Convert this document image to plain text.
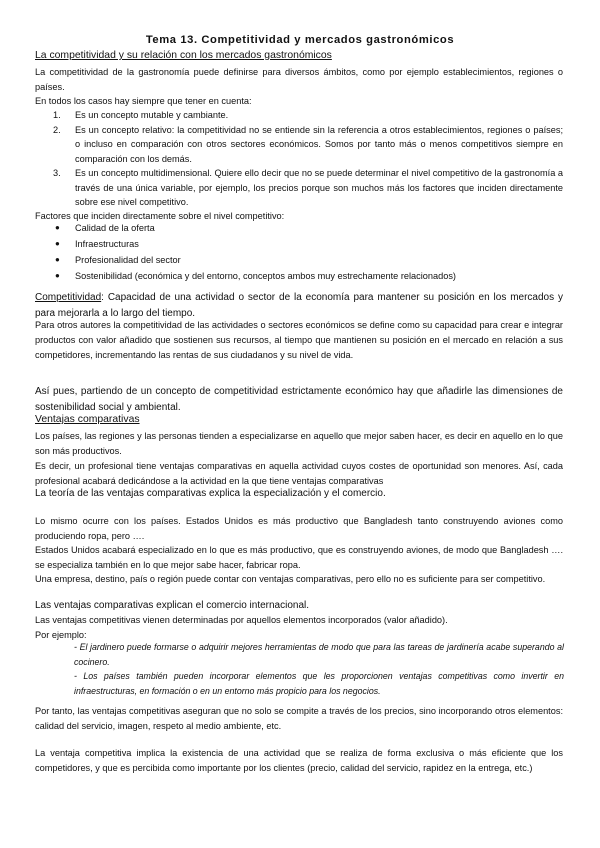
Tema 13. Competitividad y mercados gastronómicos
La competitividad y su relación con los mercados gastronómicos

La competitividad de la gastronomía puede definirse para diversos ámbitos, como por ejemplo establecimientos, regiones o países.

En todos los casos hay siempre que tener en cuenta:

1. Es un concepto mutable y cambiante.
2. Es un concepto relativo: la competitividad no se entiende sin la referencia a otros establecimientos, regiones o países; o incluso en comparación con otros sectores económicos. Somos por tanto más o menos competitivos siempre en comparación con los demás.
3. Es un concepto multidimensional. Quiere ello decir que no se puede determinar el nivel competitivo de la gastronomía a través de una única variable, por ejemplo, los precios porque son muchos más los factores que inciden directamente sobre ese nivel competitivo.

Factores que inciden directamente sobre el nivel competitivo:

● Calidad de la oferta
● Infraestructuras
● Profesionalidad del sector
● Sostenibilidad (económica y del entorno, conceptos ambos muy estrechamente relacionados)

Competitividad: Capacidad de una actividad o sector de la economía para mantener su posición en los mercados y para mejorarla a lo largo del tiempo.

Para otros autores la competitividad de las actividades o sectores económicos se define como su capacidad para crear e integrar productos con valor añadido que sostienen sus recursos, al tiempo que mantienen su posición en el mercado en relación a sus competidores, incrementando las rentas de sus ciudadanos y su nivel de vida.

Así pues, partiendo de un concepto de competitividad estrictamente económico hay que añadirle las dimensiones de sostenibilidad social y ambiental.

Ventajas comparativas

Los países, las regiones y las personas tienden a especializarse en aquello que mejor saben hacer, es decir en aquello en lo que son más productivos.

Es decir, un profesional tiene ventajas comparativas en aquella actividad cuyos costes de oportunidad son menores. Así, cada profesional acabará dedicándose a la actividad en la que tiene ventajas comparativas

La teoría de las ventajas comparativas explica la especialización y el comercio.

Lo mismo ocurre con los países. Estados Unidos es más productivo que Bangladesh tanto construyendo aviones como produciendo ropa, pero ….

Estados Unidos acabará especializado en lo que es más productivo, que es construyendo aviones, de modo que Bangladesh …. se especializa también en lo que mejor sabe hacer, fabricar ropa.

Una empresa, destino, país o región puede contar con ventajas comparativas, pero ello no es suficiente para ser competitivo.

Las ventajas comparativas explican el comercio internacional.

Las ventajas competitivas vienen determinadas por aquellos elementos incorporados (valor añadido).

Por ejemplo:

- El jardinero puede formarse o adquirir mejores herramientas de modo que para las tareas de jardinería acabe superando al cocinero.
- Los países también pueden incorporar elementos que les proporcionen ventajas competitivas como invertir en infraestructuras, en formación o en un entorno más propicio para los negocios.

Por tanto, las ventajas competitivas aseguran que no solo se compite a través de los precios, sino incorporando otros elementos: calidad del servicio, imagen, respeto al medio ambiente, etc.

La ventaja competitiva implica la existencia de una actividad que se realiza de forma exclusiva o más eficiente que los competidores, y que es percibida como importante por los clientes (precio, calidad del servicio, rapidez en la entrega, etc.)
